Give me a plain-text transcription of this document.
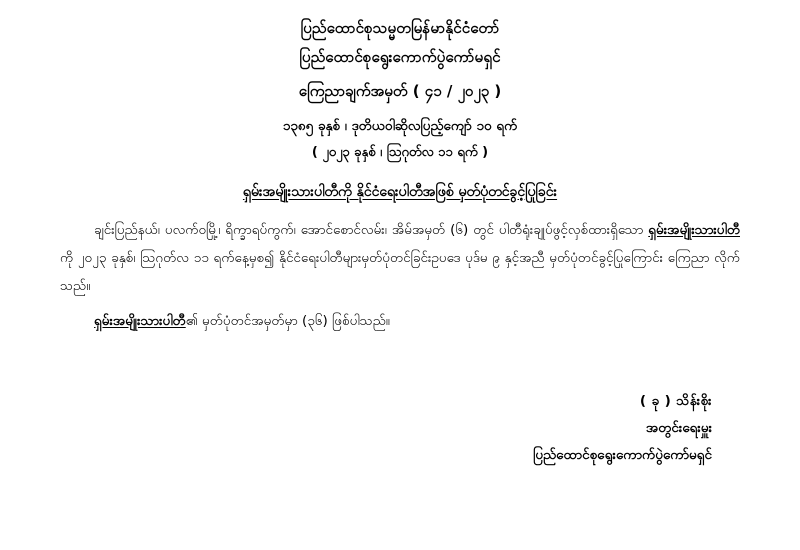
ပြည်ထောင်စုသမ္မတမြန်မာနိုင်ငံတော်
ပြည်ထောင်စုရွေးကောက်ပွဲကော်မရှင်
ကြေညာချက်အမှတ် ( ၄၁ / ၂၀၂၃ )
၁၃၈၅ ခုနှစ် ၊ ဒုတိယဝါဆိုလပြည့်ကျော် ၁၀ ရက်
( ၂၀၂၃ ခုနှစ် ၊ ဩဂုတ်လ ၁၁ ရက် )
ရှမ်းအမျိုးသားပါတီကို နိုင်ငံရေးပါတီအဖြစ် မှတ်ပုံတင်ခွင့်ပြုခြင်း

ချင်းပြည်နယ်၊ ပလက်ဝမြို့၊ ရိက္ခာရပ်ကွက်၊ အောင်စောင်လမ်း၊ အိမ်အမှတ် (၆) တွင် ပါတီရုံးချုပ်ဖွင့်လှစ်ထားရှိသော ရှမ်းအမျိုးသားပါတီကို ၂၀၂၃ ခုနှစ်၊ ဩဂုတ်လ ၁၁ ရက်နေ့မှစ၍ နိုင်ငံရေးပါတီများမှတ်ပုံတင်ခြင်းဥပဒေ ပုဒ်မ ၉ နှင့်အညီ မှတ်ပုံတင်ခွင့်ပြုကြောင်း ကြေညာ လိုက်သည်။

ရှမ်းအမျိုးသားပါတီ၏ မှတ်ပုံတင်အမှတ်မှာ (၃၆) ဖြစ်ပါသည်။

( ခု ) သိန်းစိုး
အတွင်းရေးမှူး
ပြည်ထောင်စုရွေးကောက်ပွဲကော်မရှင်
